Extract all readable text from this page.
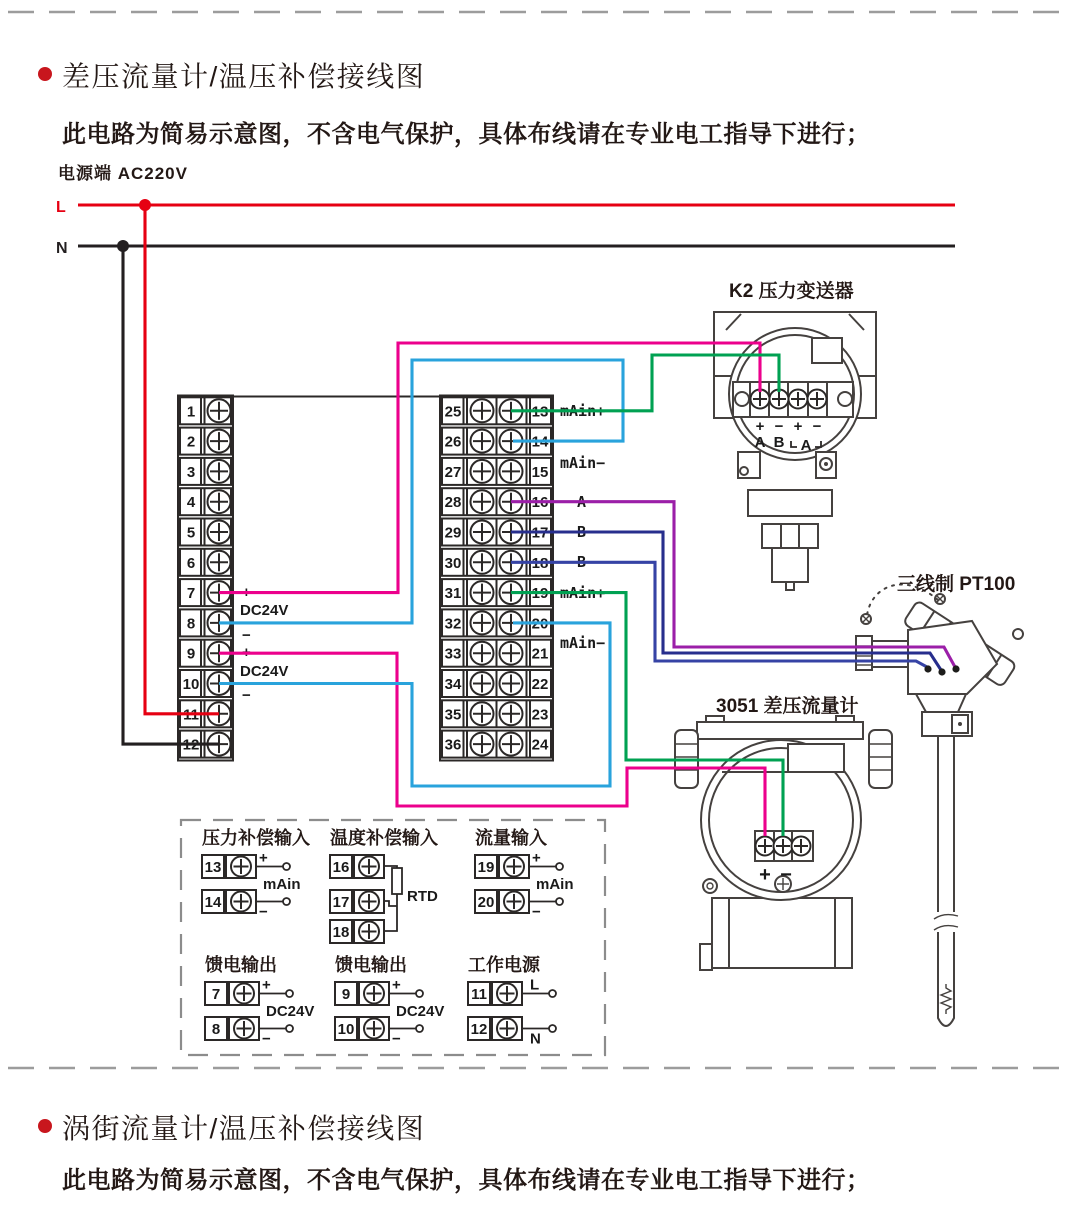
L
N
1
2
3
4
5
6
7
8
9
10
11
12
25	13
26	14
27	15
28	16
29	17
30	18
31	19
32	20
33	21
34	22
35	23
36	24
mAin+
mAin−
A
B
B
mAin+
mAin−
+
DC24V
−
+
DC24V
−
K2 压力变送器
+ − + −
A B A
3051 差压流量计
+ −
三线制 PT100
压力补偿输入
13
+
14
−
mAin
温度补偿输入
16
17
18
流量输入
19
+
20
−
mAin
馈电输出
7
+
8
−
DC24V
馈电输出
9
+
10
−
DC24V
工作电源
11
L
12
N
RTD
差压流量计/温压补偿接线图
此电路为简易示意图，不含电气保护，具体布线请在专业电工指导下进行；
电源端 AC220V
涡街流量计/温压补偿接线图
此电路为简易示意图，不含电气保护，具体布线请在专业电工指导下进行；
